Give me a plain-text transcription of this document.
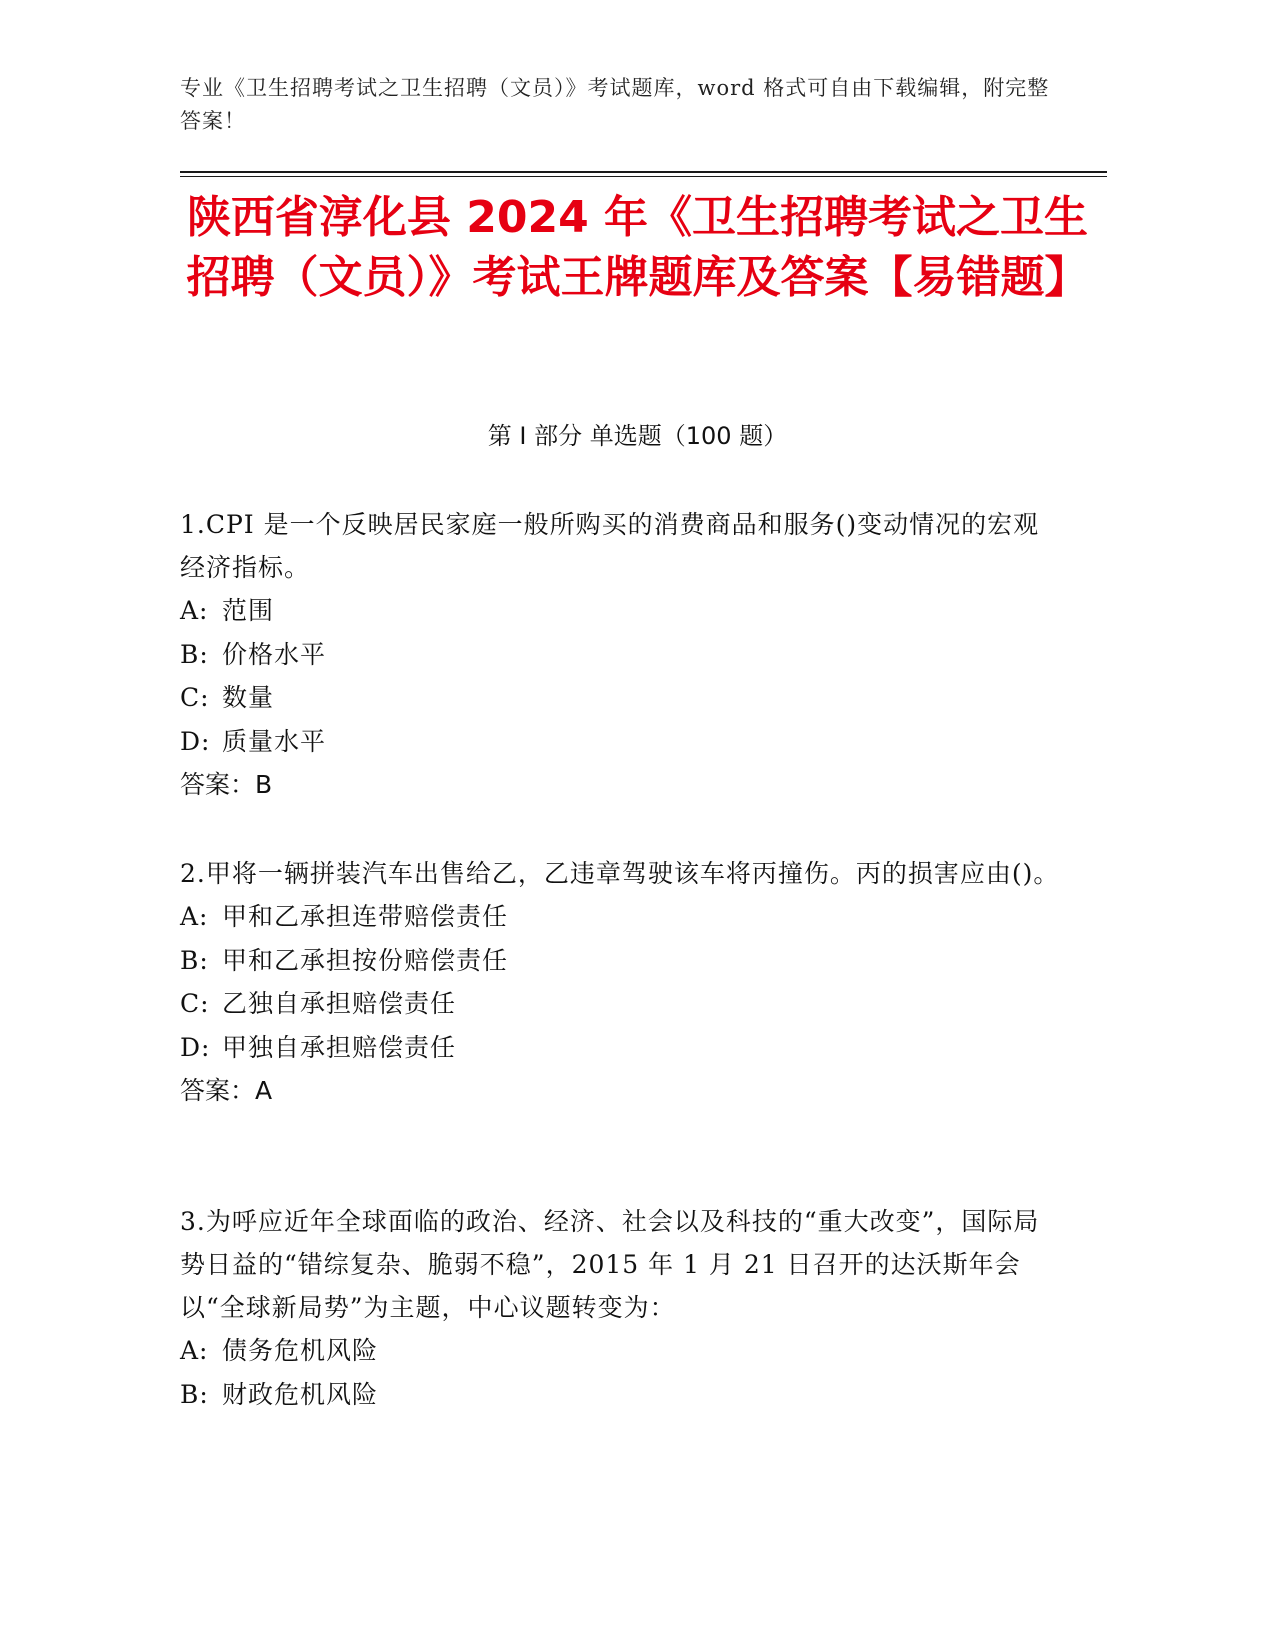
专业《卫生招聘考试之卫生招聘（文员）》考试题库，word 格式可自由下载编辑，附完整答案！
陕西省淳化县 2024 年《卫生招聘考试之卫生招聘（文员）》考试王牌题库及答案【易错题】
第 I 部分 单选题（100 题）

1.CPI 是一个反映居民家庭一般所购买的消费商品和服务()变动情况的宏观经济指标。

A: 范围
B: 价格水平
C: 数量
D: 质量水平

答案：B

2.甲将一辆拼装汽车出售给乙，乙违章驾驶该车将丙撞伤。丙的损害应由()。

A: 甲和乙承担连带赔偿责任
B: 甲和乙承担按份赔偿责任
C: 乙独自承担赔偿责任
D: 甲独自承担赔偿责任

答案：A

3.为呼应近年全球面临的政治、经济、社会以及科技的“重大改变”，国际局势日益的“错综复杂、脆弱不稳”，2015 年 1 月 21 日召开的达沃斯年会以“全球新局势”为主题，中心议题转变为：

A: 债务危机风险
B: 财政危机风险
